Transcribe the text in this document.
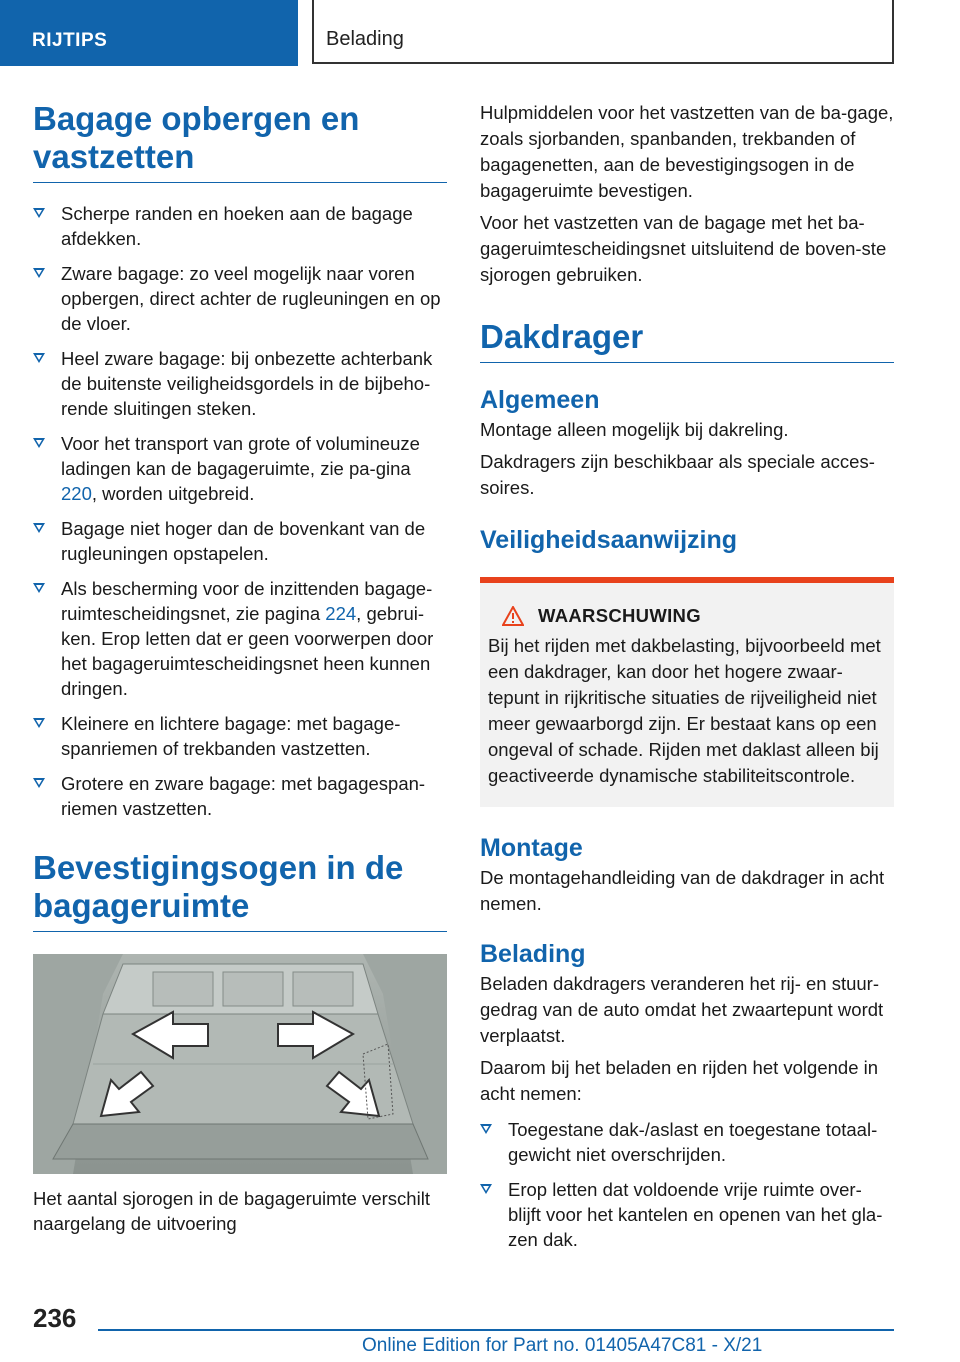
RIJTIPS	Belading
Bagage opbergen en vastzetten
Scherpe randen en hoeken aan de bagage afdekken.
Zware bagage: zo veel mogelijk naar voren opbergen, direct achter de rugleuningen en op de vloer.
Heel zware bagage: bij onbezette achterbank de buitenste veiligheidsgordels in de bijbeho-rende sluitingen steken.
Voor het transport van grote of volumineuze ladingen kan de bagageruimte, zie pa-gina 220, worden uitgebreid.
Bagage niet hoger dan de bovenkant van de rugleuningen opstapelen.
Als bescherming voor de inzittenden bagage-ruimtescheidingsnet, zie pagina 224, gebrui-ken. Erop letten dat er geen voorwerpen door het bagageruimtescheidingsnet heen kunnen dringen.
Kleinere en lichtere bagage: met bagage-spanriemen of trekbanden vastzetten.
Grotere en zware bagage: met bagagespan-riemen vastzetten.
Bevestigingsogen in de bagageruimte

Het aantal sjorogen in de bagageruimte verschilt naargelang de uitvoering

Hulpmiddelen voor het vastzetten van de ba-gage, zoals sjorbanden, spanbanden, trekbanden of bagagenetten, aan de bevestigingsogen in de bagageruimte bevestigen.

Voor het vastzetten van de bagage met het ba-gageruimtescheidingsnet uitsluitend de boven-ste sjorogen gebruiken.

Dakdrager
Algemeen

Montage alleen mogelijk bij dakreling.

Dakdragers zijn beschikbaar als speciale acces-soires.

Veiligheidsaanwijzing
WAARSCHUWING

Bij het rijden met dakbelasting, bijvoorbeeld met een dakdrager, kan door het hogere zwaar-tepunt in rijkritische situaties de rijveiligheid niet meer gewaarborgd zijn. Er bestaat kans op een ongeval of schade. Rijden met daklast alleen bij geactiveerde dynamische stabiliteitscontrole.

Montage

De montagehandleiding van de dakdrager in acht nemen.

Belading

Beladen dakdragers veranderen het rij- en stuur-gedrag van de auto omdat het zwaartepunt wordt verplaatst.

Daarom bij het beladen en rijden het volgende in acht nemen:

Toegestane dak-/aslast en toegestane totaal-gewicht niet overschrijden.
Erop letten dat voldoende vrije ruimte over-blijft voor het kantelen en openen van het gla-zen dak.
236
Online Edition for Part no. 01405A47C81 - X/21
